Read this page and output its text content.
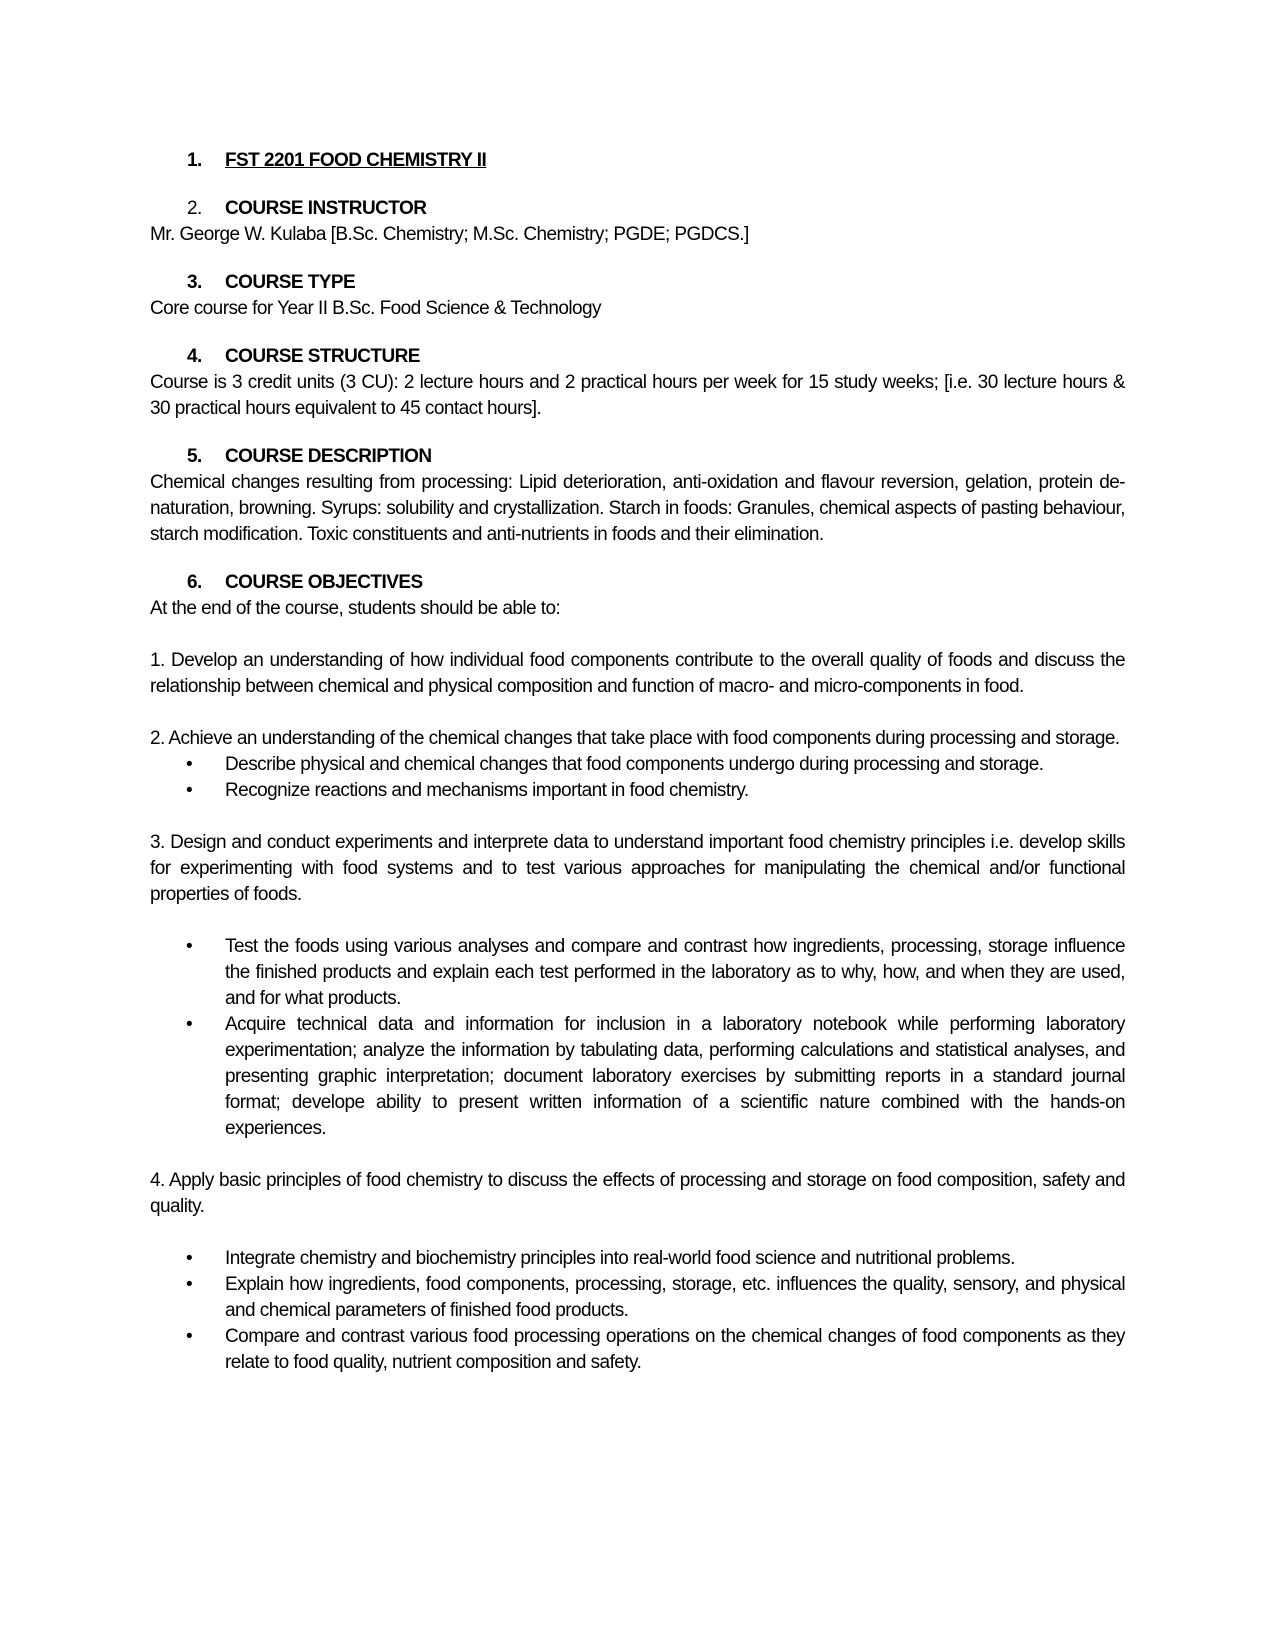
1.	FST 2201 FOOD CHEMISTRY II
2.	COURSE INSTRUCTOR

Mr. George W. Kulaba [B.Sc. Chemistry; M.Sc. Chemistry; PGDE; PGDCS.]

3.	COURSE TYPE

Core course for Year II B.Sc. Food Science & Technology

4.	COURSE STRUCTURE

Course is 3 credit units (3 CU): 2 lecture hours and 2 practical hours per week for 15 study weeks; [i.e. 30 lecture hours & 30 practical hours equivalent to 45 contact hours].

5.	COURSE DESCRIPTION

Chemical changes resulting from processing: Lipid deterioration, anti-oxidation and flavour reversion, gelation, protein de-naturation, browning. Syrups: solubility and crystallization. Starch in foods: Granules, chemical aspects of pasting behaviour, starch modification. Toxic constituents and anti-nutrients in foods and their elimination.

6.	COURSE OBJECTIVES

At the end of the course, students should be able to:

1. Develop an understanding of how individual food components contribute to the overall quality of foods and discuss the relationship between chemical and physical composition and function of macro- and micro-components in food.

2. Achieve an understanding of the chemical changes that take place with food components during processing and storage.

• Describe physical and chemical changes that food components undergo during processing and storage.
• Recognize reactions and mechanisms important in food chemistry.

3. Design and conduct experiments and interprete data to understand important food chemistry principles i.e. develop skills for experimenting with food systems and to test various approaches for manipulating the chemical and/or functional properties of foods.

• Test the foods using various analyses and compare and contrast how ingredients, processing, storage influence the finished products and explain each test performed in the laboratory as to why, how, and when they are used, and for what products.
• Acquire technical data and information for inclusion in a laboratory notebook while performing laboratory experimentation; analyze the information by tabulating data, performing calculations and statistical analyses, and presenting graphic interpretation; document laboratory exercises by submitting reports in a standard journal format; develope ability to present written information of a scientific nature combined with the hands-on experiences.

4. Apply basic principles of food chemistry to discuss the effects of processing and storage on food composition, safety and quality.

• Integrate chemistry and biochemistry principles into real-world food science and nutritional problems.
• Explain how ingredients, food components, processing, storage, etc. influences the quality, sensory, and physical and chemical parameters of finished food products.
• Compare and contrast various food processing operations on the chemical changes of food components as they relate to food quality, nutrient composition and safety.
